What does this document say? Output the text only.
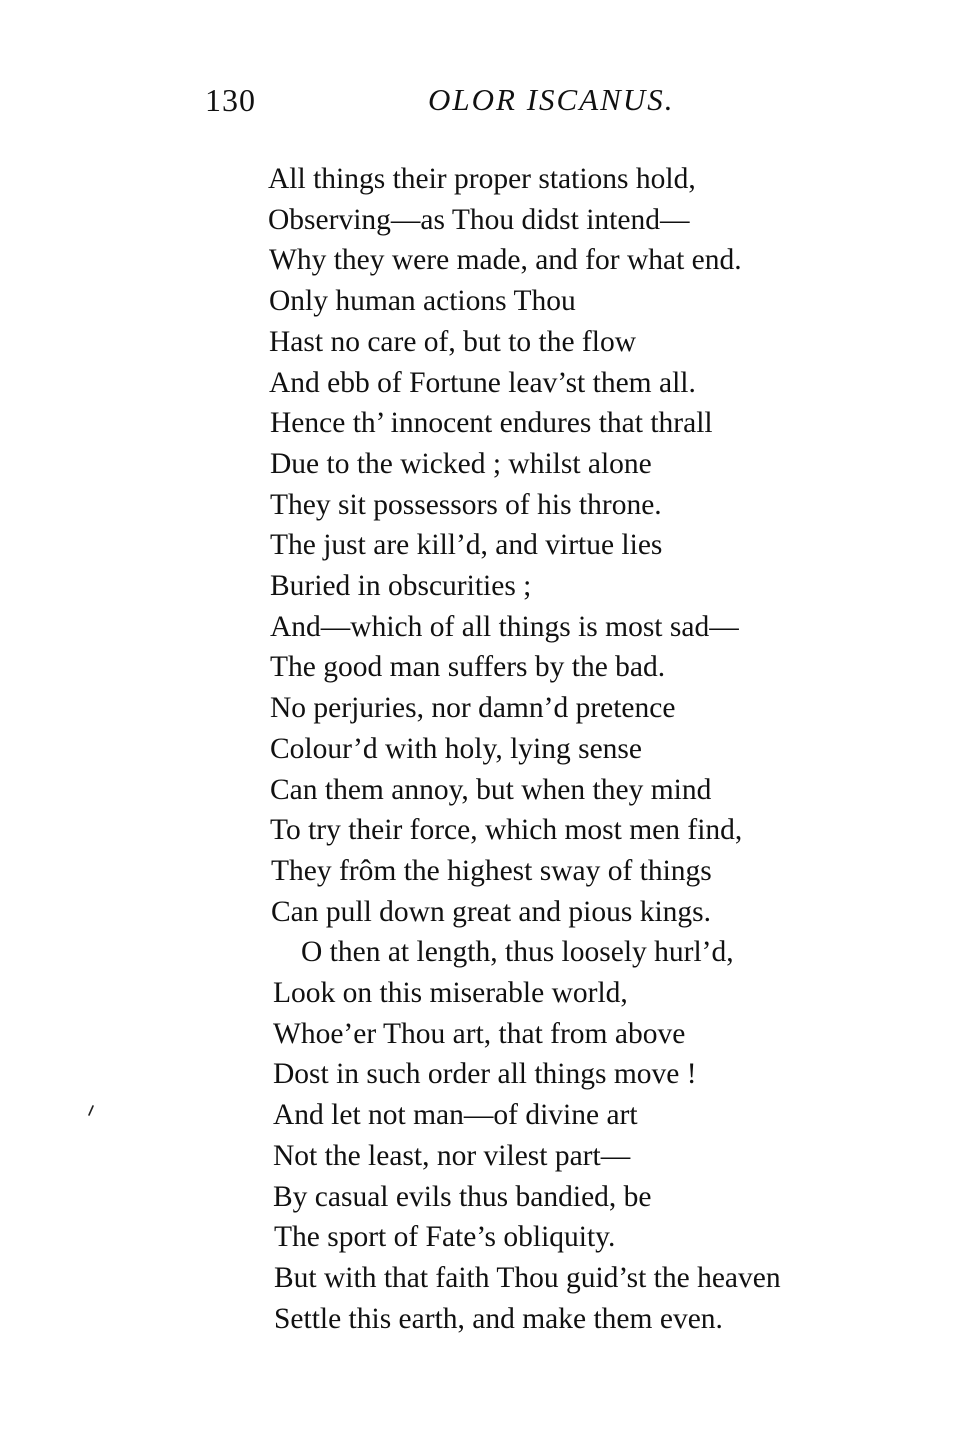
130	OLOR ISCANUS.
All things their proper stations hold,
Observing—as Thou didst intend—
Why they were made, and for what end.
Only human actions Thou
Hast no care of, but to the flow
And ebb of Fortune leav’st them all.
Hence th’ innocent endures that thrall
Due to the wicked ; whilst alone
They sit possessors of his throne.
The just are kill’d, and virtue lies
Buried in obscurities ;
And—which of all things is most sad—
The good man suffers by the bad.
No perjuries, nor damn’d pretence
Colour’d with holy, lying sense
Can them annoy, but when they mind
To try their force, which most men find,
They frôm the highest sway of things
Can pull down great and pious kings.
O then at length, thus loosely hurl’d,
Look on this miserable world,
Whoe’er Thou art, that from above
Dost in such order all things move !
And let not man—of divine art
Not the least, nor vilest part—
By casual evils thus bandied, be
The sport of Fate’s obliquity.
But with that faith Thou guid’st the heaven
Settle this earth, and make them even.
